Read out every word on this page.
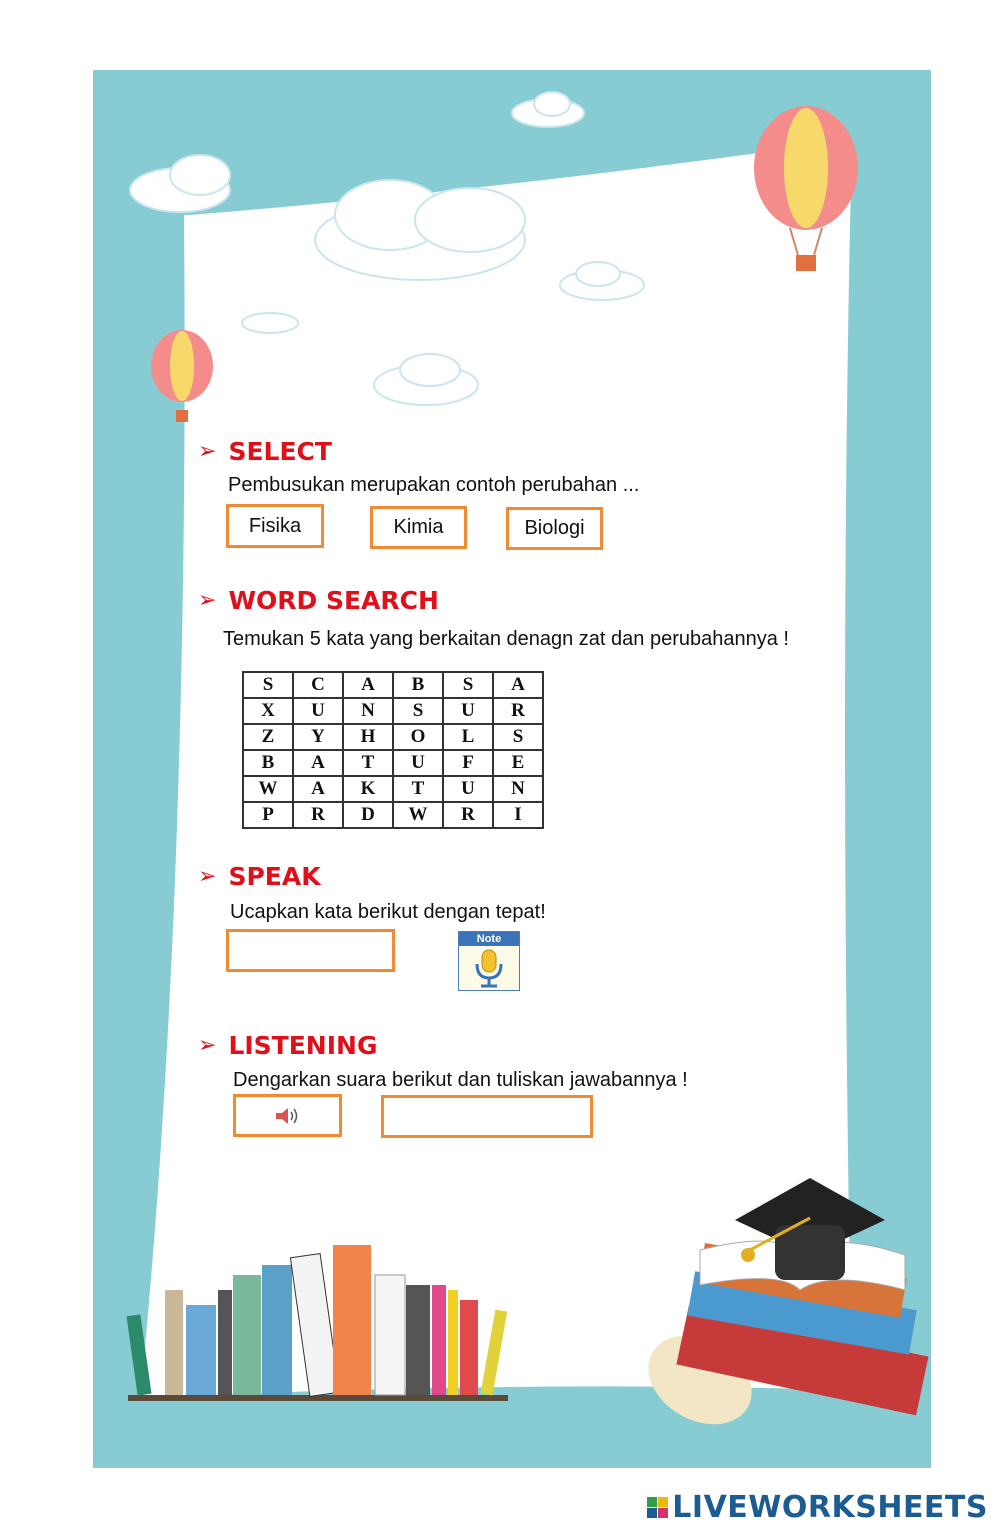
➢ SELECT
Pembusukan merupakan contoh perubahan ...
Fisika	Kimia	Biologi
➢ WORD SEARCH
Temukan 5 kata yang berkaitan denagn zat dan perubahannya !
S	C	A	B	S	A
X	U	N	S	U	R
Z	Y	H	O	L	S
B	A	T	U	F	E
W	A	K	T	U	N
P	R	D	W	R	I
➢ SPEAK
Ucapkan kata berikut dengan tepat!
Note
➢ LISTENING
Dengarkan suara berikut dan tuliskan jawabannya !
LIVEWORKSHEETS
